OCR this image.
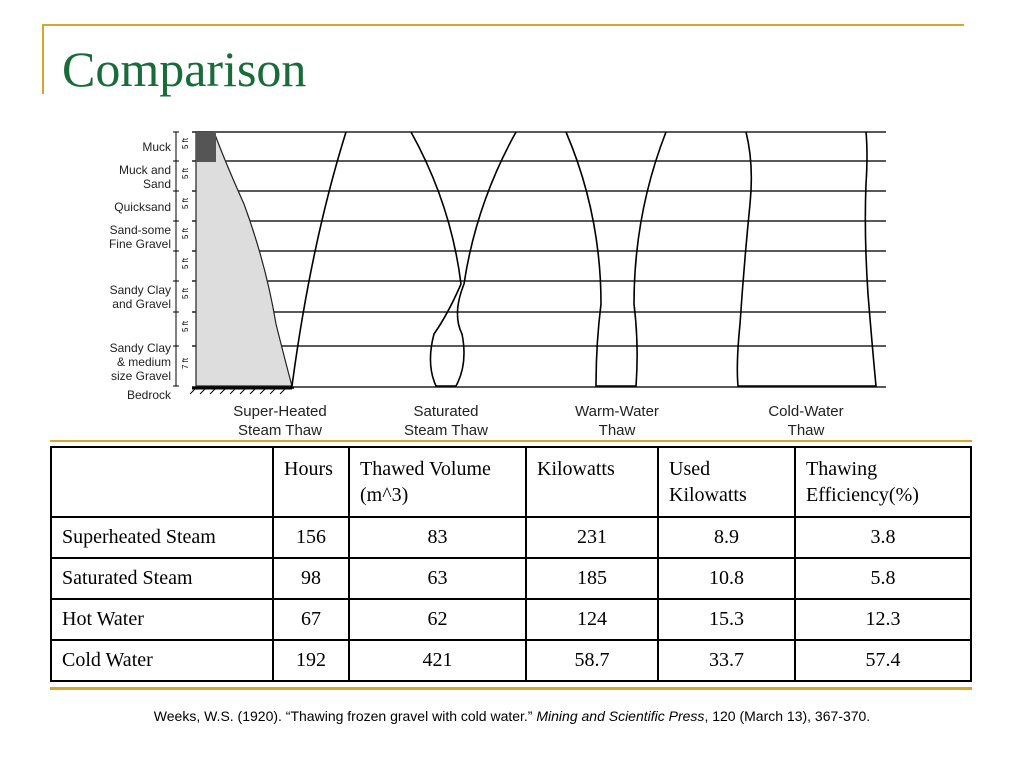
Comparison
5 ft
5 ft
5 ft
5 ft
5 ft
5 ft
5 ft
7 ft
Muck
Muck and
Sand
Quicksand
Sand-some
Fine Gravel
Sandy Clay
and Gravel
Sandy Clay
& medium
size Gravel
Bedrock
Super-Heated
Steam Thaw
Saturated
Steam Thaw
Warm-Water
Thaw
Cold-Water
Thaw
	Hours	Thawed Volume (m^3)	Kilowatts	Used Kilowatts	Thawing Efficiency(%)
Superheated Steam	156	83	231	8.9	3.8
Saturated Steam	98	63	185	10.8	5.8
Hot Water	67	62	124	15.3	12.3
Cold Water	192	421	58.7	33.7	57.4
Weeks, W.S. (1920). “Thawing frozen gravel with cold water.” Mining and Scientific Press, 120 (March 13), 367-370.
